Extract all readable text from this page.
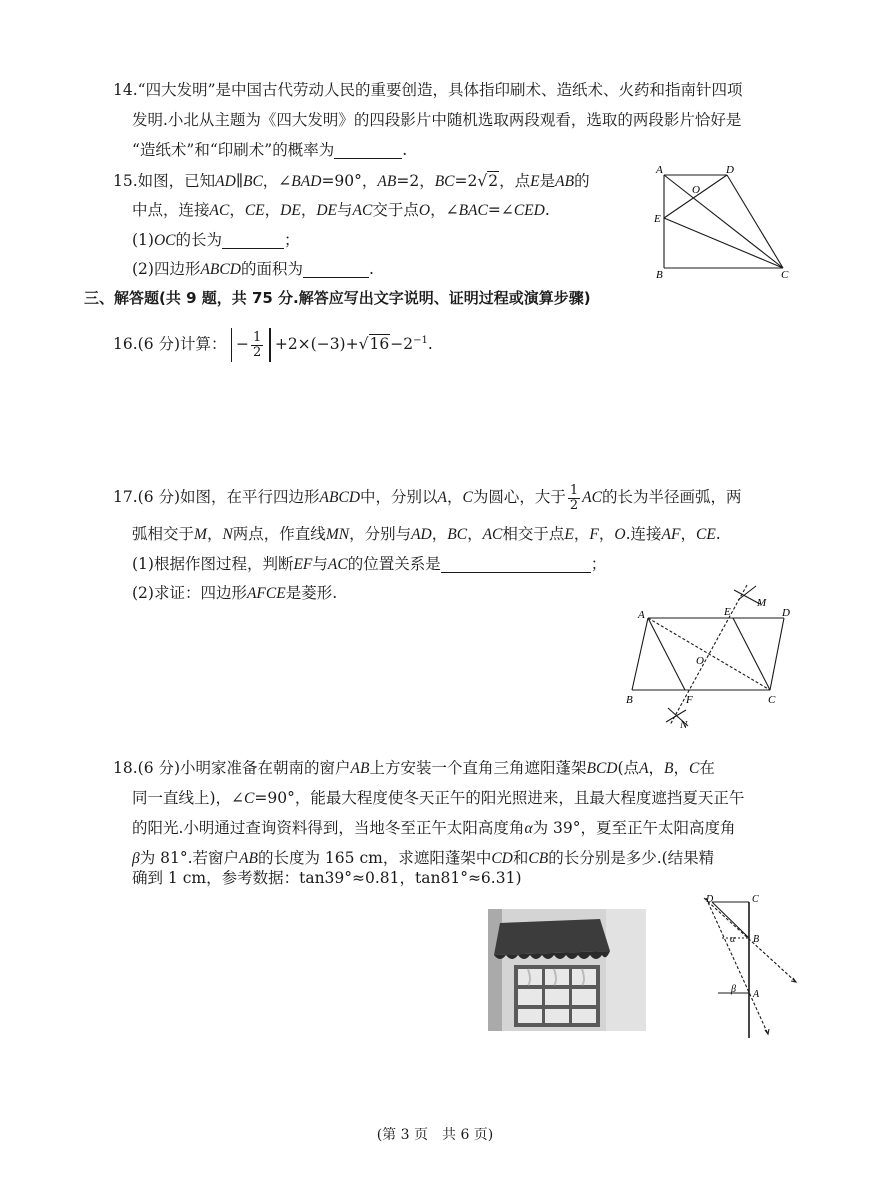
14.“四大发明”是中国古代劳动人民的重要创造，具体指印刷术、造纸术、火药和指南针四项
发明.小北从主题为《四大发明》的四段影片中随机选取两段观看，选取的两段影片恰好是
“造纸术”和“印刷术”的概率为	.
15.如图，已知AD∥BC，∠BAD=90°，AB=2，BC=2√2，点E是AB的
中点，连接AC，CE，DE，DE与AC交于点O，∠BAC=∠CED.
(1)OC的长为	；
(2)四边形ABCD的面积为	.
A	D
O
E
B	C
三、解答题(共 9 题，共 75 分.解答应写出文字说明、证明过程或演算步骤)
16.(6 分)计算： − $\frac{1}{2} +2\times(-3)+√16-2^{-1}$.
17.(6 分)如图，在平行四边形ABCD中，分别以A，C为圆心，大于 $\frac{1}{2}$ AC的长为半径画弧，两
弧相交于M，N两点，作直线MN，分别与AD，BC，AC相交于点E，F，O.连接AF，CE.
(1)根据作图过程，判断EF与AC的位置关系是	；
(2)求证：四边形AFCE是菱形.
A	E
M
D
O
B	F	C
N
18.(6 分)小明家准备在朝南的窗户AB上方安装一个直角三角遮阳蓬架BCD(点A，B，C在
同一直线上)，∠C=90°，能最大程度使冬天正午的阳光照进来，且最大程度遮挡夏天正午
的阳光.小明通过查询资料得到，当地冬至正午太阳高度角α为 39°，夏至正午太阳高度角
β为 81°.若窗户AB的长度为 165 cm，求遮阳蓬架中CD和CB的长分别是多少.(结果精
确到 1 cm，参考数据：tan39°≈0.81，tan81°≈6.31)
D	C
α B
β A
(第 3 页　共 6 页)
